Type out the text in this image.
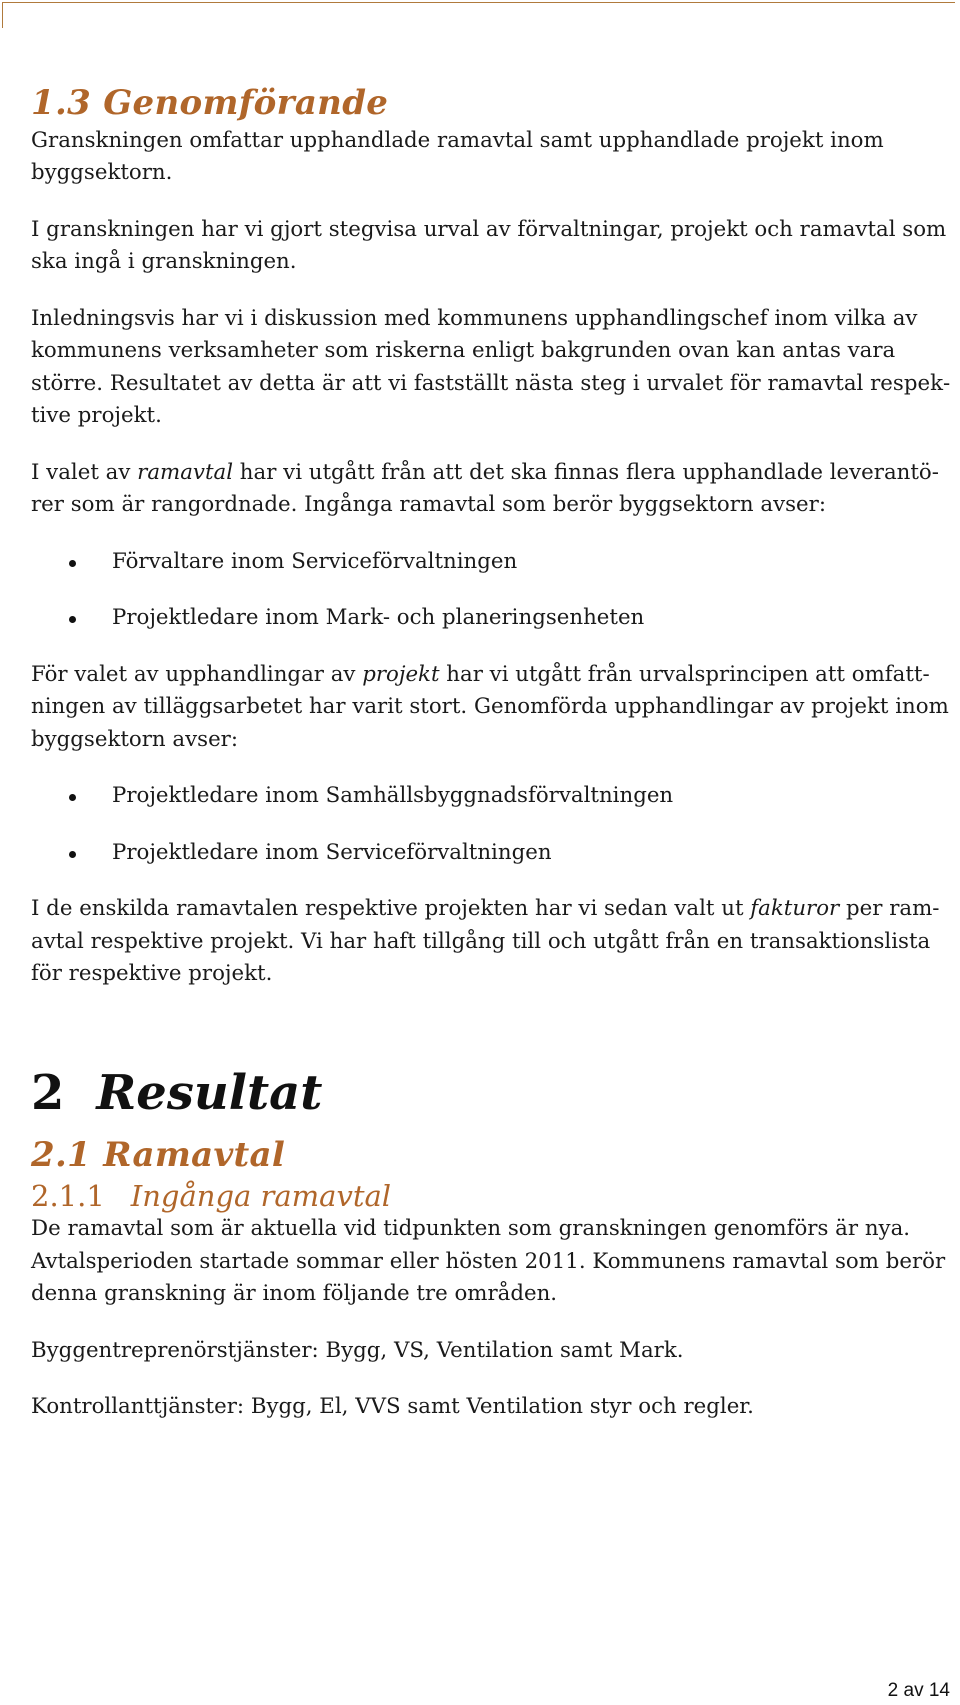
1.3 Genomförande

Granskningen omfattar upphandlade ramavtal samt upphandlade projekt inom byggsektorn.

I granskningen har vi gjort stegvisa urval av förvaltningar, projekt och ramavtal som ska ingå i granskningen.

Inledningsvis har vi i diskussion med kommunens upphandlingschef inom vilka av kommunens verksamheter som riskerna enligt bakgrunden ovan kan antas vara större. Resultatet av detta är att vi fastställt nästa steg i urvalet för ramavtal respektive projekt.

I valet av ramavtal har vi utgått från att det ska finnas flera upphandlade leverantörer som är rangordnade. Ingånga ramavtal som berör byggsektorn avser:

Förvaltare inom Serviceförvaltningen
Projektledare inom Mark- och planeringsenheten

För valet av upphandlingar av projekt har vi utgått från urvalsprincipen att omfattningen av tilläggsarbetet har varit stort. Genomförda upphandlingar av projekt inom byggsektorn avser:

Projektledare inom Samhällsbyggnadsförvaltningen
Projektledare inom Serviceförvaltningen

I de enskilda ramavtalen respektive projekten har vi sedan valt ut fakturor per ramavtal respektive projekt. Vi har haft tillgång till och utgått från en transaktionslista för respektive projekt.

2 Resultat
2.1 Ramavtal
2.1.1 Ingånga ramavtal

De ramavtal som är aktuella vid tidpunkten som granskningen genomförs är nya. Avtalsperioden startade sommar eller hösten 2011. Kommunens ramavtal som berör denna granskning är inom följande tre områden.

Byggentreprenörstjänster: Bygg, VS, Ventilation samt Mark.

Kontrollanttjänster: Bygg, El, VVS samt Ventilation styr och regler.

2 av 14
